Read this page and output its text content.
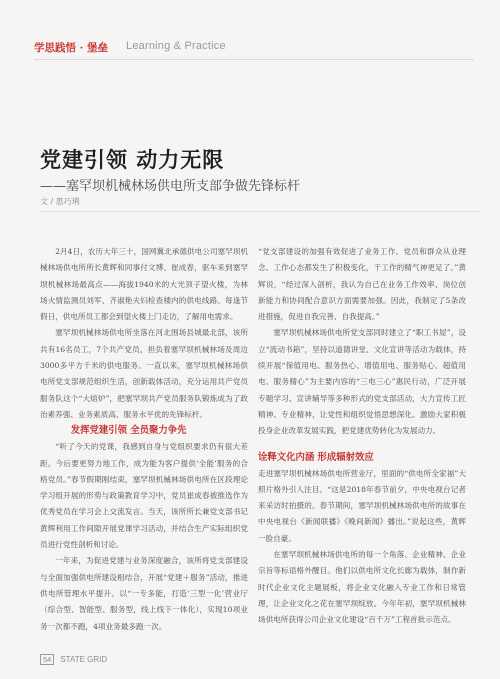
学思践悟 · 堡垒 Learning & Practice
党建引领 动力无限
——塞罕坝机械林场供电所支部争做先锋标杆
文 / 惠巧琍

2月4日，农历大年三十，国网冀北承德供电公司塞罕坝机械林场供电所所长黄辉和同事付文博、崔成春，驱车来到塞罕坝机械林场最高点——海拔1940米的大光顶子望火楼，为林场火情监测员刘军、齐淑艳夫妇检查楼内的供电线路。每逢节假日，供电所员工都会到望火楼上门走访，了解用电需求。

塞罕坝机械林场供电所坐落在河北围场县城最北部，该所共有16名员工，7个共产党员，担负着塞罕坝机械林场及周边3000多平方千米的供电服务。一直以来，塞罕坝机械林场供电所党支部规范组织生活，创新载体活动，充分运用共产党员服务队这个“大熔炉”，把塞罕坝共产党员服务队锻炼成为了政治素养强、业务素质高、服务水平优的先锋标杆。

发挥党建引领 全员聚力争先

“听了今天的党课，我感到自身与党组织要求仍有很大差距。今后要更努力地工作，成为能为客户提供‘全能’服务的合格党员。”春节假期刚结束，塞罕坝机械林场供电所在区段理论学习组开展的形势与政策教育学习中，党员崔成春被推选作为优秀党员在学习会上交流发言。当天，该所所长兼党支部书记黄辉利用工作间隙开展党课学习活动，并结合生产实际组织党员进行党性剖析和讨论。

一年来，为促进党建与业务深度融合，该所将党支部建设与全面加强供电所建设相结合，开展“党建＋服务”活动，推进供电所管理水平提升。以“一专多能，打造‘三型一化’营业厅（综合型、智能型、服务型，线上线下一体化），实现10项业务一次都不跑，4项业务最多跑一次。

“党支部建设的加强有效促进了业务工作。党员和群众从业理念、工作心态都发生了积极变化，干工作的精气神更足了。”黄辉说，“经过深入剖析，我认为自己在业务工作效率、岗位创新能力和协同配合意识方面需要加强。因此，我制定了5条改进措施，促进自我完善、自我提高。”

塞罕坝机械林场供电所党支部同时建立了“职工书屋”，设立“流动书箱”，坚持以道德讲堂、文化宣讲等活动为载体，持续开展“保值用电、服务热心、增值用电、服务贴心、超值用电、服务精心”为主要内容的“三电三心”惠民行动，广泛开展专题学习、宣讲辅导等多种形式的党支部活动，大力宣传工匠精神、专业精神，让党性和组织觉悟思想深化、激励大家积极投身企业改革发展实践，把党建优势转化为发展动力。

诠释文化内涵 形成辐射效应

走进塞罕坝机械林场供电所营业厅，里面的“供电所全家福”大照片格外引人注目。“这是2018年春节前夕，中央电视台记者来采访时拍摄的。春节期间，塞罕坝机械林场供电所的故事在中央电视台《新闻联播》《晚间新闻》播出。”说起这些，黄辉一脸自豪。

在塞罕坝机械林场供电所的每一个角落、企业精神、企业宗旨等标语格外醒目。他们以供电所文化长廊为载体，制作新时代企业文化主题展板，将企业文化融入专业工作和日常管理，让企业文化之花在塞罕坝绽放。今年年初，塞罕坝机械林场供电所获得公司企业文化建设“百千万”工程首批示范点。

54 STATE GRID
